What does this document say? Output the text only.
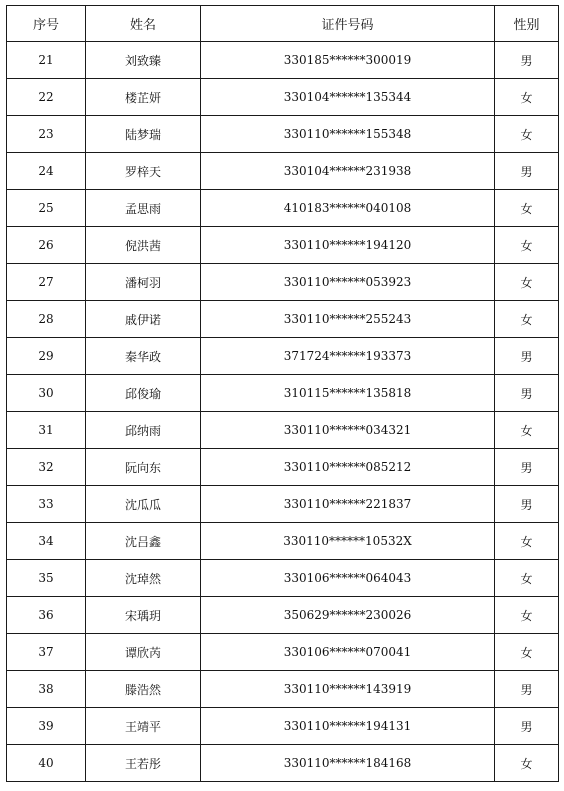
序号	姓名	证件号码	性别
21	刘致臻	330185******300019	男
22	楼芷妍	330104******135344	女
23	陆梦瑞	330110******155348	女
24	罗梓天	330104******231938	男
25	孟思雨	410183******040108	女
26	倪洪茜	330110******194120	女
27	潘柯羽	330110******053923	女
28	戚伊诺	330110******255243	女
29	秦华政	371724******193373	男
30	邱俊瑜	310115******135818	男
31	邱纳雨	330110******034321	女
32	阮向东	330110******085212	男
33	沈瓜瓜	330110******221837	男
34	沈吕鑫	330110******10532X	女
35	沈琸然	330106******064043	女
36	宋瑀玥	350629******230026	女
37	谭欣芮	330106******070041	女
38	滕浩然	330110******143919	男
39	王靖平	330110******194131	男
40	王若彤	330110******184168	女
